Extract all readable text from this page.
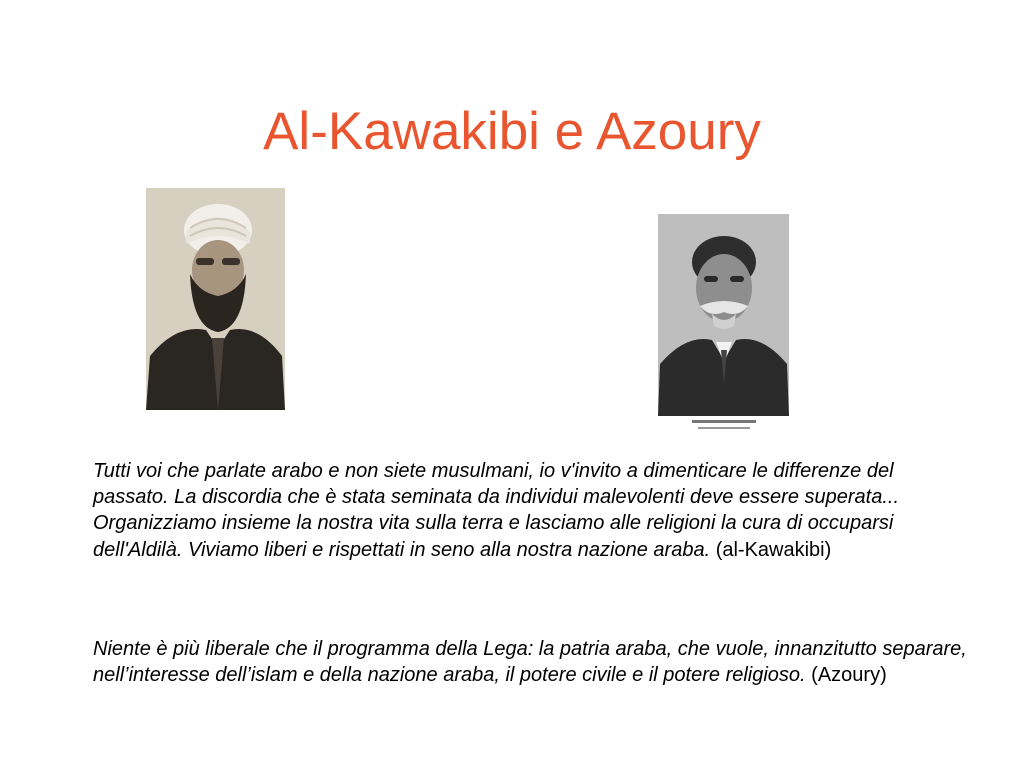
Al-Kawakibi e Azoury

Tutti voi che parlate arabo e non siete musulmani, io v'invito a dimenticare le differenze del passato. La discordia che è stata seminata da individui malevolenti deve essere superata... Organizziamo insieme la nostra vita sulla terra e lasciamo alle religioni la cura di occuparsi dell'Aldilà. Viviamo liberi e rispettati in seno alla nostra nazione araba. (al-Kawakibi)

Niente è più liberale che il programma della Lega: la patria araba, che vuole, innanzitutto separare, nell’interesse dell’islam e della nazione araba, il potere civile e il potere religioso. (Azoury)
